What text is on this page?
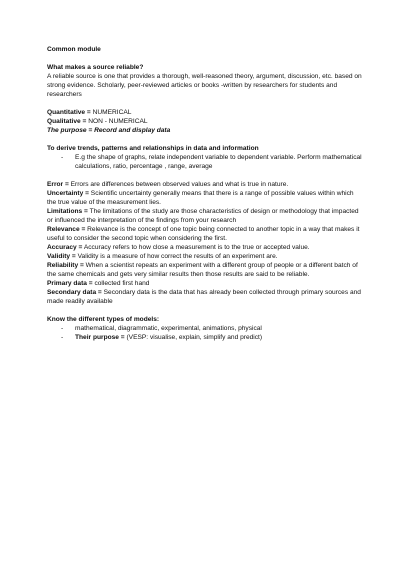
Common module

What makes a source reliable?

A reliable source is one that provides a thorough, well-reasoned theory, argument, discussion, etc. based on strong evidence. Scholarly, peer-reviewed articles or books -written by researchers for students and researchers

Quantitative = NUMERICAL

Qualitative = NON - NUMERICAL

The purpose = Record and display data

To derive trends, patterns and relationships in data and information

-	E.g the shape of graphs, relate independent variable to dependent variable. Perform mathematical calculations, ratio, percentage , range, average

Error = Errors are differences between observed values and what is true in nature.

Uncertainty = Scientific uncertainty generally means that there is a range of possible values within which the true value of the measurement lies.

Limitations = The limitations of the study are those characteristics of design or methodology that impacted or influenced the interpretation of the findings from your research

Relevance = Relevance is the concept of one topic being connected to another topic in a way that makes it useful to consider the second topic when considering the first.

Accuracy = Accuracy refers to how close a measurement is to the true or accepted value.

Validity = Validity is a measure of how correct the results of an experiment are.

Reliability = When a scientist repeats an experiment with a different group of people or a different batch of the same chemicals and gets very similar results then those results are said to be reliable.

Primary data = collected first hand

Secondary data = Secondary data is the data that has already been collected through primary sources and made readily available

Know the different types of models:

-	mathematical, diagrammatic, experimental, animations, physical
-	Their purpose = (VESP: visualise, explain, simplify and predict)
